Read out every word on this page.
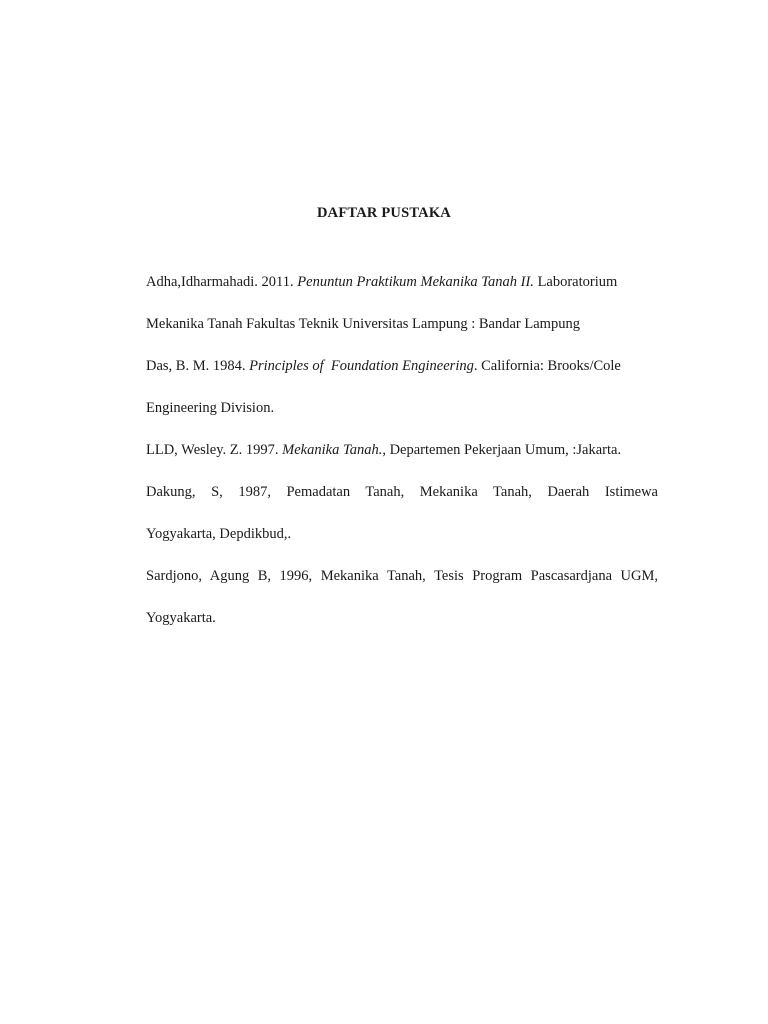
DAFTAR PUSTAKA
Adha,Idharmahadi. 2011. Penuntun Praktikum Mekanika Tanah II. Laboratorium
Mekanika Tanah Fakultas Teknik Universitas Lampung : Bandar Lampung
Das, B. M. 1984. Principles of  Foundation Engineering. California: Brooks/Cole
Engineering Division.
LLD, Wesley. Z. 1997. Mekanika Tanah., Departemen Pekerjaan Umum, :Jakarta.
Dakung, S, 1987, Pemadatan Tanah, Mekanika Tanah, Daerah Istimewa
Yogyakarta, Depdikbud,.
Sardjono, Agung B, 1996, Mekanika Tanah, Tesis Program Pascasardjana UGM,
Yogyakarta.
